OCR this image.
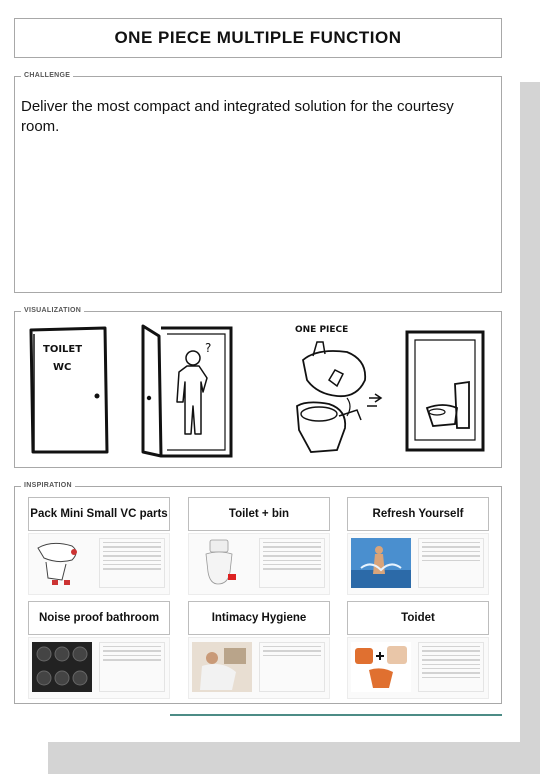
ONE PIECE MULTIPLE FUNCTION
CHALLENGE
Deliver the most compact and integrated solution for the courtesy room.
VISUALIZATION
TOILET
WC
?
ONE PIECE
INSPIRATION
Pack Mini Small VC parts	Toilet + bin	Refresh Yourself
Noise proof bathroom	Intimacy Hygiene	Toidet
